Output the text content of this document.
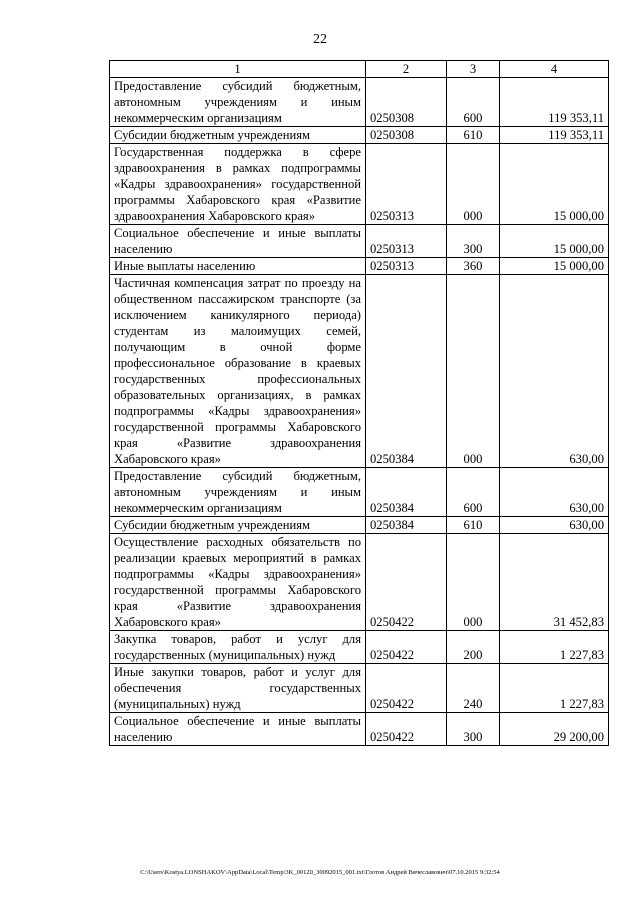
22
1	2	3	4
Предоставление субсидий бюджетным, автономным учреждениям и иным некоммерческим организациям	0250308	600	119 353,11
Субсидии бюджетным учреждениям	0250308	610	119 353,11
Государственная поддержка в сфере здравоохранения в рамках подпрограммы «Кадры здравоохранения» государственной программы Хабаровского края «Развитие здравоохранения Хабаровского края»	0250313	000	15 000,00
Социальное обеспечение и иные выплаты населению	0250313	300	15 000,00
Иные выплаты населению	0250313	360	15 000,00
Частичная компенсация затрат по проезду на общественном пассажирском транспорте (за исключением каникулярного периода) студентам из малоимущих семей, получающим в очной форме профессиональное образование в краевых государственных профессиональных образовательных организациях, в рамках подпрограммы «Кадры здравоохранения» государственной программы Хабаровского края «Развитие здравоохранения Хабаровского края»	0250384	000	630,00
Предоставление субсидий бюджетным, автономным учреждениям и иным некоммерческим организациям	0250384	600	630,00
Субсидии бюджетным учреждениям	0250384	610	630,00
Осуществление расходных обязательств по реализации краевых мероприятий в рамках подпрограммы «Кадры здравоохранения» государственной программы Хабаровского края «Развитие здравоохранения Хабаровского края»	0250422	000	31 452,83
Закупка товаров, работ и услуг для государственных (муниципальных) нужд	0250422	200	1 227,83
Иные закупки товаров, работ и услуг для обеспечения государственных (муниципальных) нужд	0250422	240	1 227,83
Социальное обеспечение и иные выплаты населению	0250422	300	29 200,00
C:\Users\Kostya.LONSHAKOV\AppData\Local\Temp\3K_00120_30092015_001.txt\Глотов Андрей Вячеславович\07.10.2015 9:32:54
